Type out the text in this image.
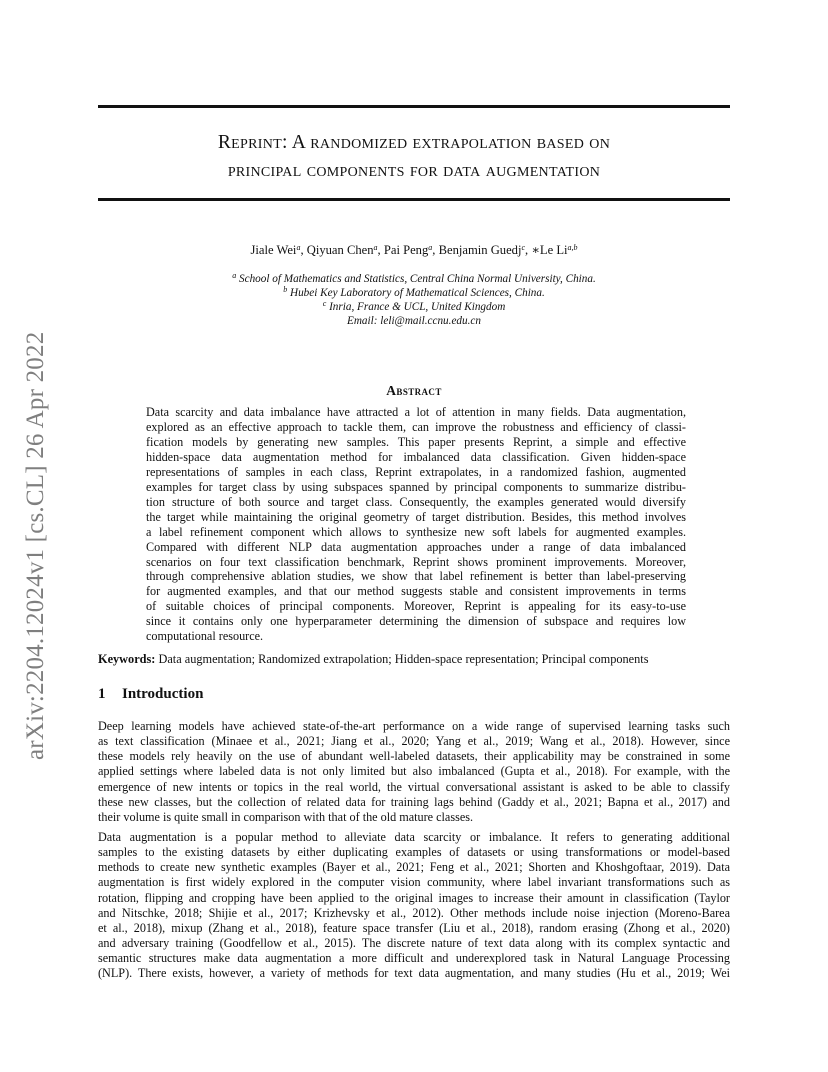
arXiv:2204.12024v1 [cs.CL] 26 Apr 2022
Reprint: A randomized extrapolation based on
principal components for data augmentation
Jiale Wei$^a$, Qiyuan Chen$^a$, Pai Peng$^a$, Benjamin Guedj$^c$, ∗Le Li$^{a,b}$
$^a$ School of Mathematics and Statistics, Central China Normal University, China.
$^b$ Hubei Key Laboratory of Mathematical Sciences, China.
$^c$ Inria, France & UCL, United Kingdom
Email: leli@mail.ccnu.edu.cn
Abstract
Data scarcity and data imbalance have attracted a lot of attention in many fields. Data augmentation,
explored as an effective approach to tackle them, can improve the robustness and efficiency of classi-
fication models by generating new samples. This paper presents Reprint, a simple and effective
hidden-space data augmentation method for imbalanced data classification. Given hidden-space
representations of samples in each class, Reprint extrapolates, in a randomized fashion, augmented
examples for target class by using subspaces spanned by principal components to summarize distribu-
tion structure of both source and target class. Consequently, the examples generated would diversify
the target while maintaining the original geometry of target distribution. Besides, this method involves
a label refinement component which allows to synthesize new soft labels for augmented examples.
Compared with different NLP data augmentation approaches under a range of data imbalanced
scenarios on four text classification benchmark, Reprint shows prominent improvements. Moreover,
through comprehensive ablation studies, we show that label refinement is better than label-preserving
for augmented examples, and that our method suggests stable and consistent improvements in terms
of suitable choices of principal components. Moreover, Reprint is appealing for its easy-to-use
since it contains only one hyperparameter determining the dimension of subspace and requires low
computational resource.
Keywords: Data augmentation; Randomized extrapolation; Hidden-space representation; Principal components
1 Introduction
Deep learning models have achieved state-of-the-art performance on a wide range of supervised learning tasks such
as text classification (Minaee et al., 2021; Jiang et al., 2020; Yang et al., 2019; Wang et al., 2018). However, since
these models rely heavily on the use of abundant well-labeled datasets, their applicability may be constrained in some
applied settings where labeled data is not only limited but also imbalanced (Gupta et al., 2018). For example, with the
emergence of new intents or topics in the real world, the virtual conversational assistant is asked to be able to classify
these new classes, but the collection of related data for training lags behind (Gaddy et al., 2021; Bapna et al., 2017) and
their volume is quite small in comparison with that of the old mature classes.
Data augmentation is a popular method to alleviate data scarcity or imbalance. It refers to generating additional
samples to the existing datasets by either duplicating examples of datasets or using transformations or model-based
methods to create new synthetic examples (Bayer et al., 2021; Feng et al., 2021; Shorten and Khoshgoftaar, 2019). Data
augmentation is first widely explored in the computer vision community, where label invariant transformations such as
rotation, flipping and cropping have been applied to the original images to increase their amount in classification (Taylor
and Nitschke, 2018; Shijie et al., 2017; Krizhevsky et al., 2012). Other methods include noise injection (Moreno-Barea
et al., 2018), mixup (Zhang et al., 2018), feature space transfer (Liu et al., 2018), random erasing (Zhong et al., 2020)
and adversary training (Goodfellow et al., 2015). The discrete nature of text data along with its complex syntactic and
semantic structures make data augmentation a more difficult and underexplored task in Natural Language Processing
(NLP). There exists, however, a variety of methods for text data augmentation, and many studies (Hu et al., 2019; Wei
